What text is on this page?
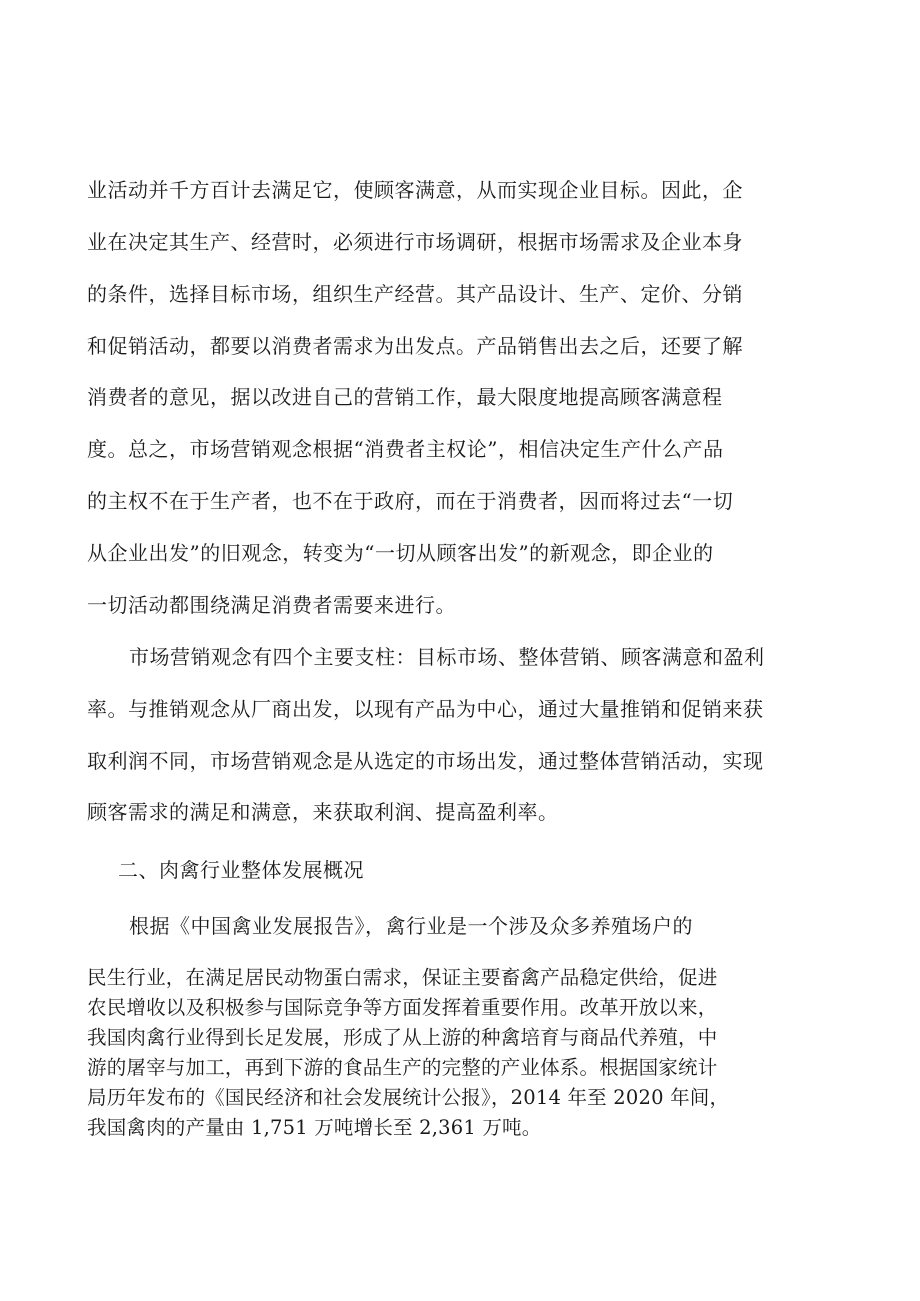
业活动并千方百计去满足它，使顾客满意，从而实现企业目标。因此，企
业在决定其生产、经营时，必须进行市场调研，根据市场需求及企业本身
的条件，选择目标市场，组织生产经营。其产品设计、生产、定价、分销
和促销活动，都要以消费者需求为出发点。产品销售出去之后，还要了解
消费者的意见，据以改进自己的营销工作，最大限度地提高顾客满意程
度。总之，市场营销观念根据“消费者主权论”，相信决定生产什么产品
的主权不在于生产者，也不在于政府，而在于消费者，因而将过去“一切
从企业出发”的旧观念，转变为“一切从顾客出发”的新观念，即企业的
一切活动都围绕满足消费者需要来进行。
市场营销观念有四个主要支柱：目标市场、整体营销、顾客满意和盈利
率。与推销观念从厂商出发，以现有产品为中心，通过大量推销和促销来获
取利润不同，市场营销观念是从选定的市场出发，通过整体营销活动，实现
顾客需求的满足和满意，来获取利润、提高盈利率。
二、肉禽行业整体发展概况
根据《中国禽业发展报告》，禽行业是一个涉及众多养殖场户的
民生行业，在满足居民动物蛋白需求，保证主要畜禽产品稳定供给，促进
农民增收以及积极参与国际竞争等方面发挥着重要作用。改革开放以来，
我国肉禽行业得到长足发展，形成了从上游的种禽培育与商品代养殖，中
游的屠宰与加工，再到下游的食品生产的完整的产业体系。根据国家统计
局历年发布的《国民经济和社会发展统计公报》，2014 年至 2020 年间，
我国禽肉的产量由 1,751 万吨增长至 2,361 万吨。
